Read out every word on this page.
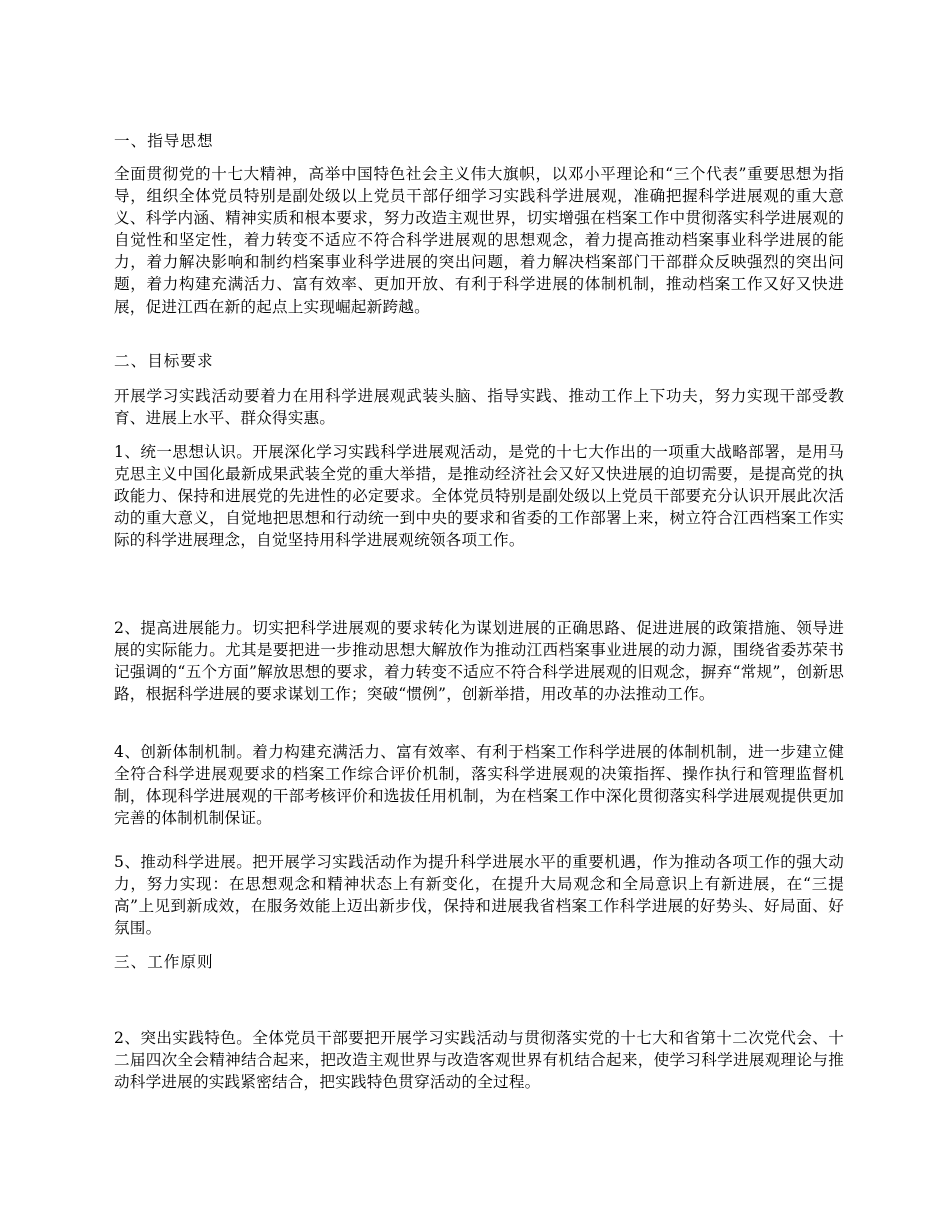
一、指导思想

全面贯彻党的十七大精神，高举中国特色社会主义伟大旗帜，以邓小平理论和“三个代表”重要思想为指导，组织全体党员特别是副处级以上党员干部仔细学习实践科学进展观，准确把握科学进展观的重大意义、科学内涵、精神实质和根本要求，努力改造主观世界，切实增强在档案工作中贯彻落实科学进展观的自觉性和坚定性，着力转变不适应不符合科学进展观的思想观念，着力提高推动档案事业科学进展的能力，着力解决影响和制约档案事业科学进展的突出问题，着力解决档案部门干部群众反映强烈的突出问题，着力构建充满活力、富有效率、更加开放、有利于科学进展的体制机制，推动档案工作又好又快进展，促进江西在新的起点上实现崛起新跨越。

二、目标要求

开展学习实践活动要着力在用科学进展观武装头脑、指导实践、推动工作上下功夫，努力实现干部受教育、进展上水平、群众得实惠。

1、统一思想认识。开展深化学习实践科学进展观活动，是党的十七大作出的一项重大战略部署，是用马克思主义中国化最新成果武装全党的重大举措，是推动经济社会又好又快进展的迫切需要，是提高党的执政能力、保持和进展党的先进性的必定要求。全体党员特别是副处级以上党员干部要充分认识开展此次活动的重大意义，自觉地把思想和行动统一到中央的要求和省委的工作部署上来，树立符合江西档案工作实际的科学进展理念，自觉坚持用科学进展观统领各项工作。

2、提高进展能力。切实把科学进展观的要求转化为谋划进展的正确思路、促进进展的政策措施、领导进展的实际能力。尤其是要把进一步推动思想大解放作为推动江西档案事业进展的动力源，围绕省委苏荣书记强调的“五个方面”解放思想的要求，着力转变不适应不符合科学进展观的旧观念，摒弃“常规”，创新思路，根据科学进展的要求谋划工作；突破“惯例”，创新举措，用改革的办法推动工作。

4、创新体制机制。着力构建充满活力、富有效率、有利于档案工作科学进展的体制机制，进一步建立健全符合科学进展观要求的档案工作综合评价机制，落实科学进展观的决策指挥、操作执行和管理监督机制，体现科学进展观的干部考核评价和选拔任用机制，为在档案工作中深化贯彻落实科学进展观提供更加完善的体制机制保证。

5、推动科学进展。把开展学习实践活动作为提升科学进展水平的重要机遇，作为推动各项工作的强大动力，努力实现：在思想观念和精神状态上有新变化，在提升大局观念和全局意识上有新进展，在“三提高”上见到新成效，在服务效能上迈出新步伐，保持和进展我省档案工作科学进展的好势头、好局面、好氛围。

三、工作原则

2、突出实践特色。全体党员干部要把开展学习实践活动与贯彻落实党的十七大和省第十二次党代会、十二届四次全会精神结合起来，把改造主观世界与改造客观世界有机结合起来，使学习科学进展观理论与推动科学进展的实践紧密结合，把实践特色贯穿活动的全过程。
